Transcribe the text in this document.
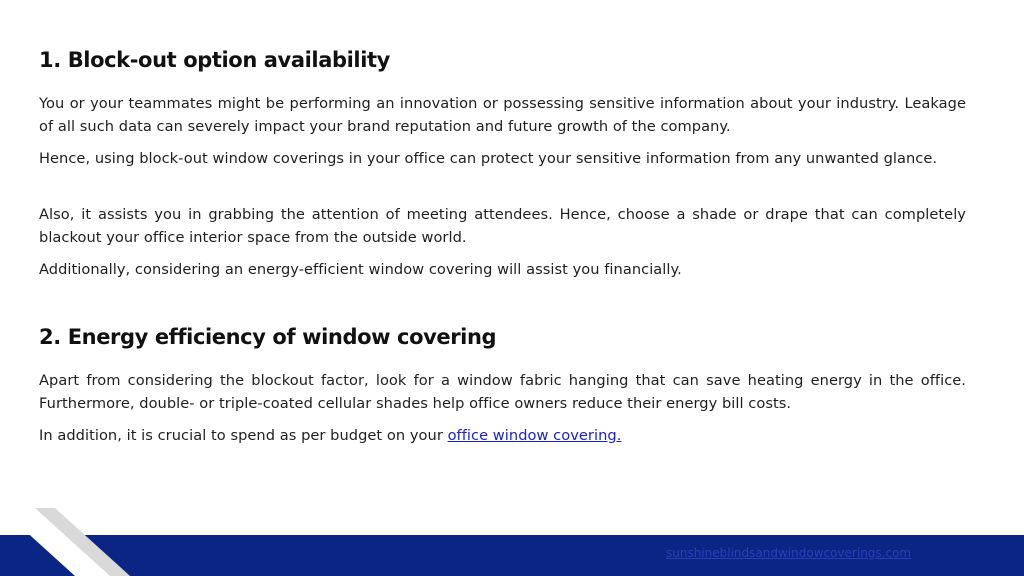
1. Block-out option availability

You or your teammates might be performing an innovation or possessing sensitive information about your industry. Leakage of all such data can severely impact your brand reputation and future growth of the company.

Hence, using block-out window coverings in your office can protect your sensitive information from any unwanted glance.

Also, it assists you in grabbing the attention of meeting attendees. Hence, choose a shade or drape that can completely blackout your office interior space from the outside world.

Additionally, considering an energy-efficient window covering will assist you financially.

2. Energy efficiency of window covering

Apart from considering the blockout factor, look for a window fabric hanging that can save heating energy in the office. Furthermore, double- or triple-coated cellular shades help office owners reduce their energy bill costs.

In addition, it is crucial to spend as per budget on your office window covering.

sunshineblindsandwindowcoverings.com
